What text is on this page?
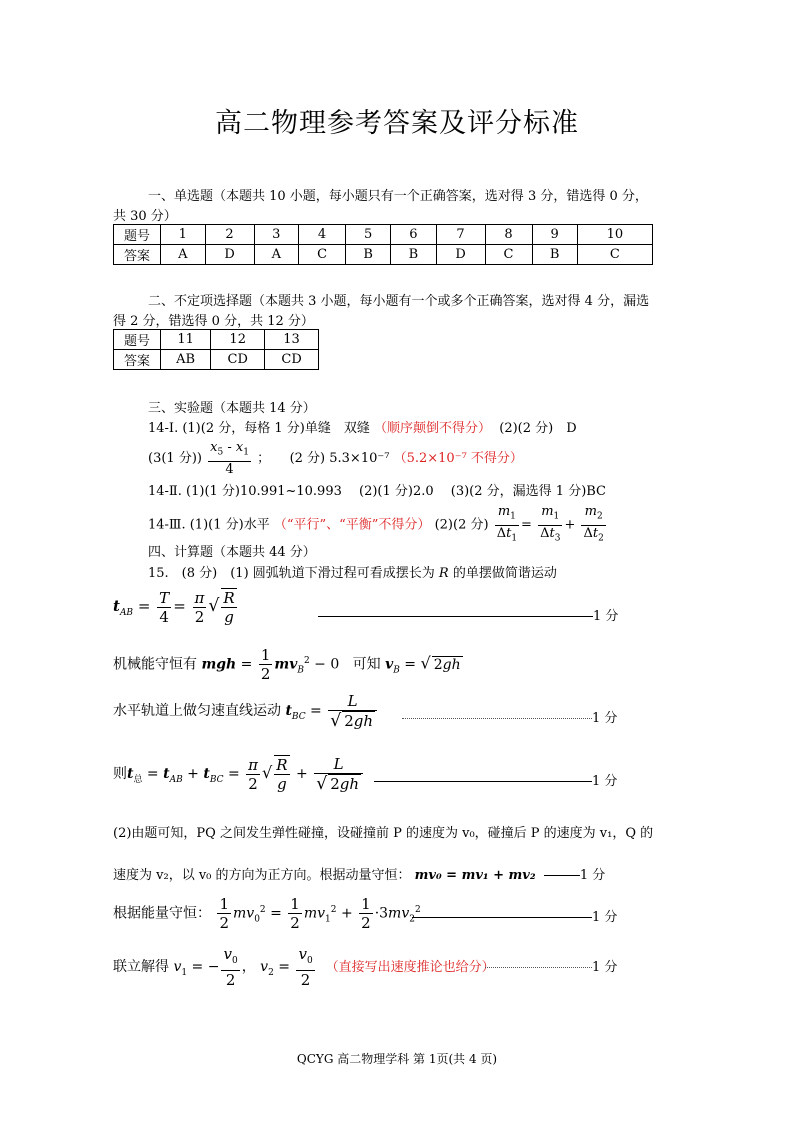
高二物理参考答案及评分标准
一、单选题（本题共 10 小题，每小题只有一个正确答案，选对得 3 分，错选得 0 分，
共 30 分）
题号	1	2	3	4	5	6	7	8	9	10
答案	A	D	A	C	B	B	D	C	B	C
二、不定项选择题（本题共 3 小题，每小题有一个或多个正确答案，选对得 4 分，漏选
得 2 分，错选得 0 分，共 12 分）
题号	11	12	13
答案	AB	CD	CD
三、实验题（本题共 14 分）
14-Ⅰ. (1)(2 分，每格 1 分)单缝　双缝 （顺序颠倒不得分） (2)(2 分)　D
(3(1 分)) $\frac{x_5 - x_1}{4}$ ；　　(2 分) 5.3×10⁻⁷ （5.2×10⁻⁷ 不得分）
14-Ⅱ. (1)(1 分)10.991~10.993　 (2)(1 分)2.0　 (3)(2 分，漏选得 1 分)BC
14-Ⅲ. (1)(1 分)水平 （“平行”、“平衡”不得分） (2)(2 分) $\frac{m_1}{\Delta t_1} = \frac{m_1}{\Delta t_3} + \frac{m_2}{\Delta t_2}$
四、计算题（本题共 44 分）
15.　(8 分)　(1) 圆弧轨道下滑过程可看成摆长为 R 的单摆做简谐运动
$t_{AB} = \frac{T}{4} = \frac{\pi}{2}$ √ $\frac{R}{g}$	1 分
机械能守恒有 mgh = $\frac{1}{2} mv_B^2 - 0$   可知 $v_B$ = √ 2gh
水平轨道上做匀速直线运动 $t_{BC} = \frac{L}{√ 2gh}$	1 分
则$t_总 = t_{AB} + t_{BC} = \frac{\pi}{2}$ √ $\frac{R}{g} + \frac{L}{√ 2gh}$	1 分
(2)由题可知，PQ 之间发生弹性碰撞，设碰撞前 P 的速度为 v₀，碰撞后 P 的速度为 v₁，Q 的
速度为 v₂，以 v₀ 的方向为正方向。根据动量守恒： mv₀ = mv₁ + mv₂	1 分
根据能量守恒： $\frac{1}{2} mv_0^2 = \frac{1}{2} mv_1^2 + \frac{1}{2} \cdot 3mv_2^2$
1 分
联立解得 $v_1$ = − $\frac{v_0}{2}$ ， $v_2 = \frac{v_0}{2}$ （直接写出速度推论也给分）	1 分
QCYG 高二物理学科 第 1页(共 4 页)
